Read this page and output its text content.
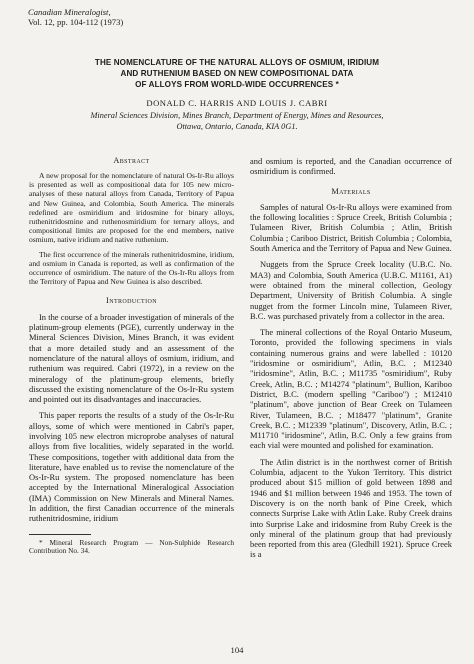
Canadian Mineralogist,
Vol. 12, pp. 104-112 (1973)
THE NOMENCLATURE OF THE NATURAL ALLOYS OF OSMIUM, IRIDIUM
AND RUTHENIUM BASED ON NEW COMPOSITIONAL DATA
OF ALLOYS FROM WORLD-WIDE OCCURRENCES *
DONALD C. HARRIS AND LOUIS J. CABRI
Mineral Sciences Division, Mines Branch, Department of Energy, Mines and Resources,
Ottawa, Ontario, Canada, KIA 0G1.
Abstract

A new proposal for the nomenclature of natural Os-Ir-Ru alloys is presented as well as compositional data for 105 new micro-analyses of these natural alloys from Canada, Territory of Papua and New Guinea, and Colombia, South America. The minerals redefined are osmiridium and iridosmine for binary alloys, ruthenitridosmine and ruthenosmiridium for ternary alloys, and compositional limits are proposed for the end members, native osmium, native iridium and native ruthenium.

The first occurrence of the minerals ruthenitridosmine, iridium, and osmium in Canada is reported, as well as confirmation of the occurrence of osmiridium. The nature of the Os-Ir-Ru alloys from the Territory of Papua and New Guinea is also described.

Introduction

In the course of a broader investigation of minerals of the platinum-group elements (PGE), currently underway in the Mineral Sciences Division, Mines Branch, it was evident that a more detailed study and an assessment of the nomenclature of the natural alloys of osmium, iridium, and ruthenium was required. Cabri (1972), in a review on the mineralogy of the platinum-group elements, briefly discussed the existing nomenclature of the Os-Ir-Ru system and pointed out its disadvantages and inaccuracies.

This paper reports the results of a study of the Os-Ir-Ru alloys, some of which were mentioned in Cabri's paper, involving 105 new electron microprobe analyses of natural alloys from five localities, widely separated in the world. These compositions, together with additional data from the literature, have enabled us to revise the nomenclature of the Os-Ir-Ru system. The proposed nomenclature has been accepted by the International Mineralogical Association (IMA) Commission on New Minerals and Mineral Names. In addition, the first Canadian occurrence of the minerals ruthenitridosmine, iridium

* Mineral Research Program — Non-Sulphide Research Contribution No. 34.

and osmium is reported, and the Canadian occurrence of osmiridium is confirmed.

Materials

Samples of natural Os-Ir-Ru alloys were examined from the following localities : Spruce Creek, British Columbia ; Tulameen River, British Columbia ; Atlin, British Columbia ; Cariboo District, British Columbia ; Colombia, South America and the Territory of Papua and New Guinea.

Nuggets from the Spruce Creek locality (U.B.C. No. MA3) and Colombia, South America (U.B.C. M1161, A1) were obtained from the mineral collection, Geology Department, University of British Columbia. A single nugget from the former Lincoln mine, Tulameen River, B.C. was purchased privately from a collector in the area.

The mineral collections of the Royal Ontario Museum, Toronto, provided the following specimens in vials containing numerous grains and were labelled : 10120 "iridosmine or osmiridium", Atlin, B.C. ; M12340 "iridosmine", Atlin, B.C. ; M11735 "osmiridium", Ruby Creek, Atlin, B.C. ; M14274 "platinum", Bullion, Kariboo District, B.C. (modern spelling "Cariboo") ; M12410 "platinum", above junction of Bear Creek on Tulameen River, Tulameen, B.C. ; M18477 "platinum", Granite Creek, B.C. ; M12339 "platinum", Discovery, Atlin, B.C. ; M11710 "iridosmine", Atlin, B.C. Only a few grains from each vial were mounted and polished for examination.

The Atlin district is in the northwest corner of British Columbia, adjacent to the Yukon Territory. This district produced about $15 million of gold between 1898 and 1946 and $1 million between 1946 and 1953. The town of Discovery is on the north bank of Pine Creek, which connects Surprise Lake with Atlin Lake. Ruby Creek drains into Surprise Lake and iridosmine from Ruby Creek is the only mineral of the platinum group that had previously been reported from this area (Gledhill 1921). Spruce Creek is a

104
